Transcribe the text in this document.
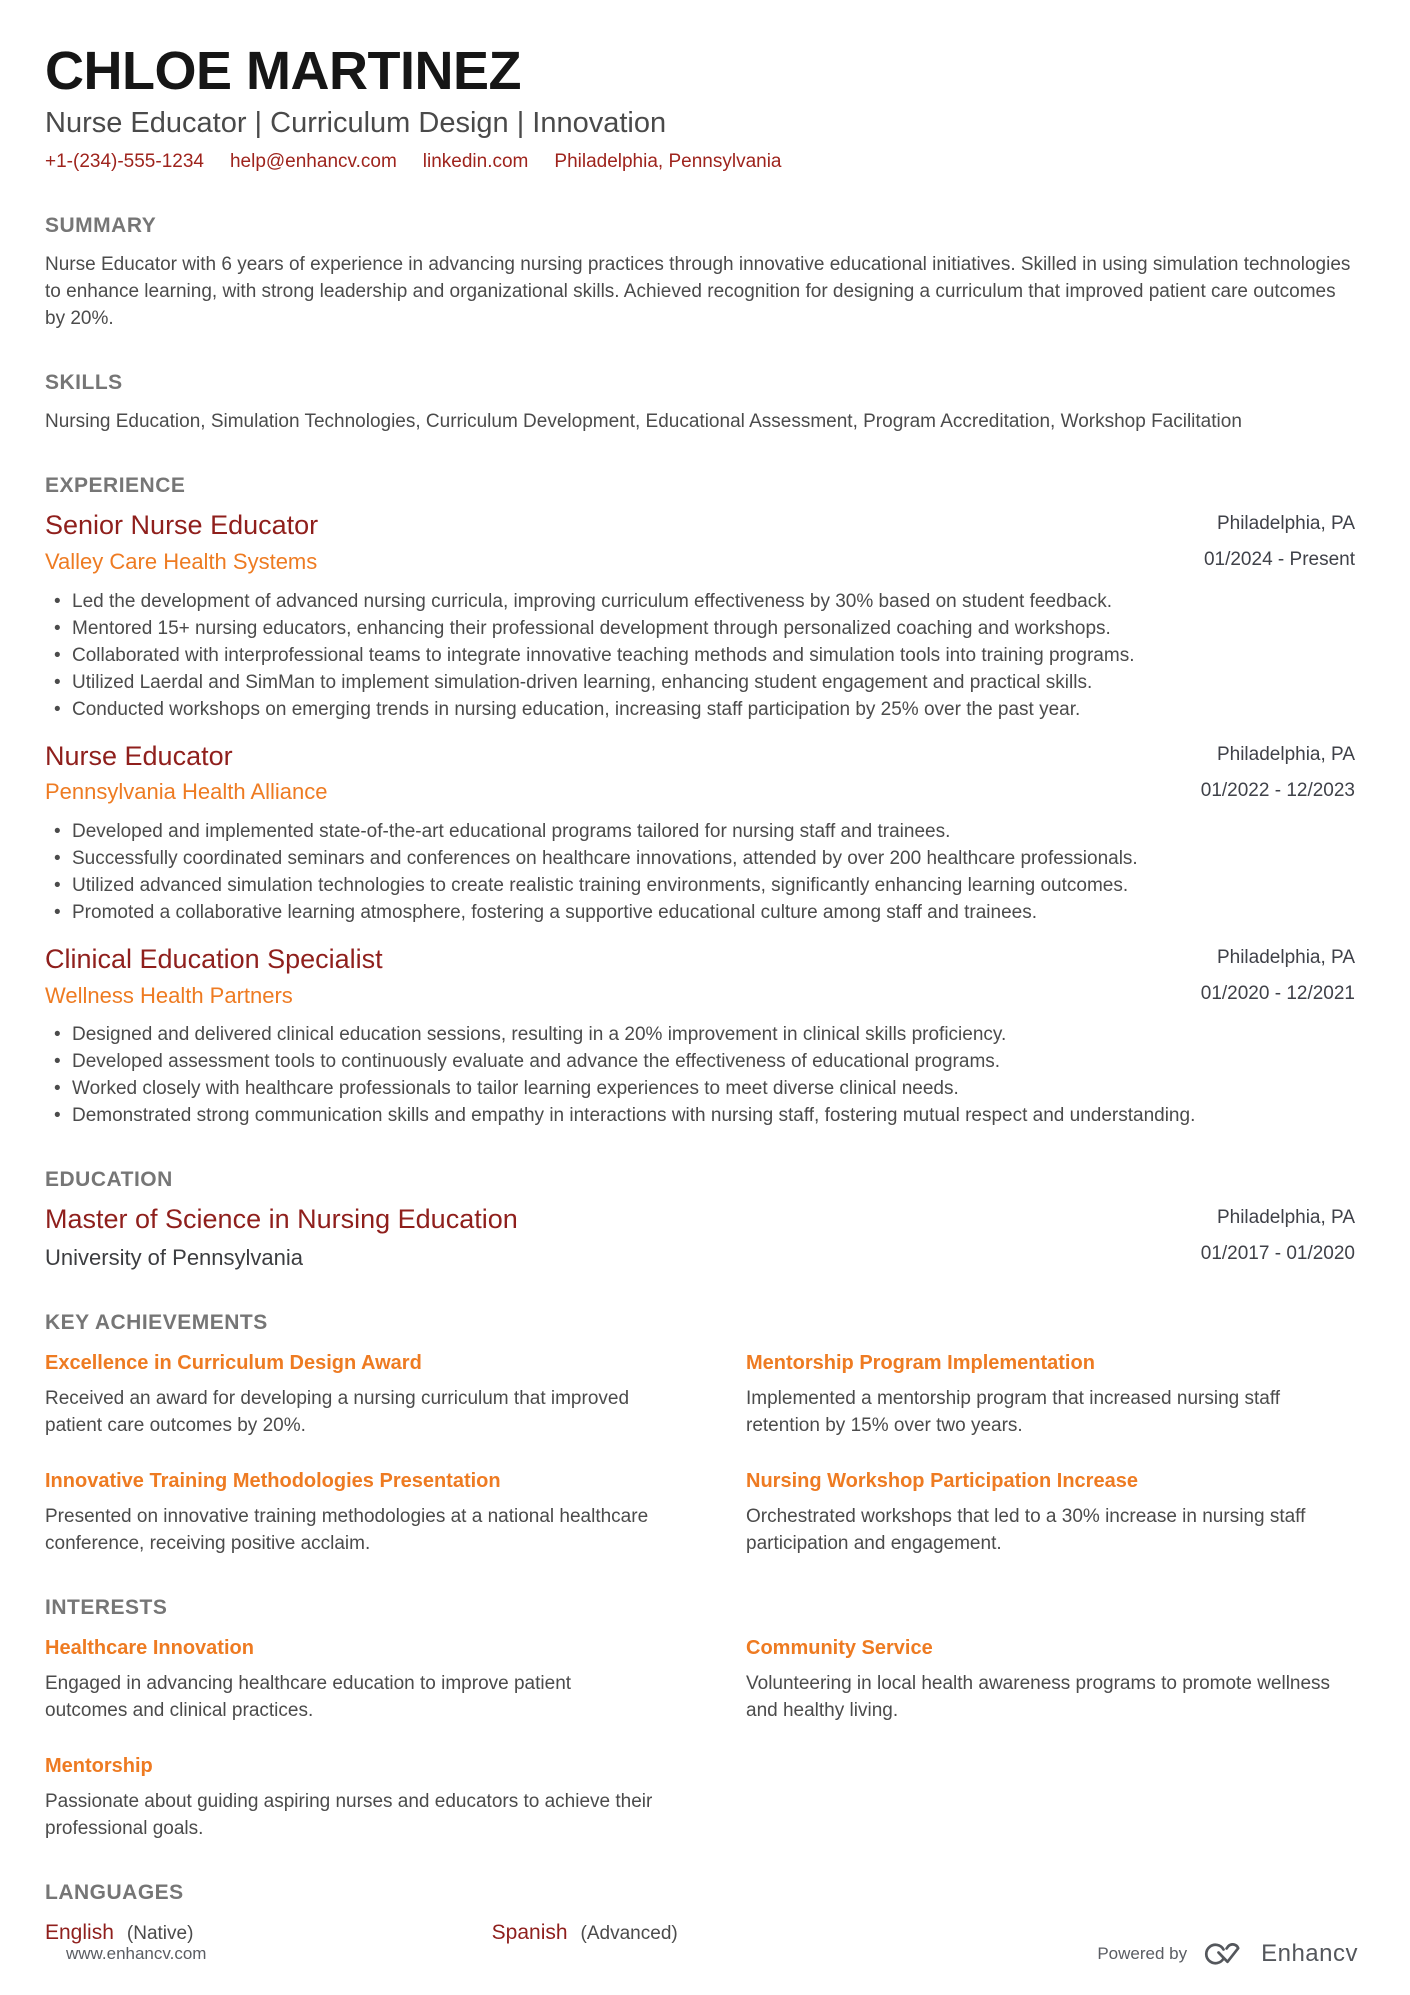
CHLOE MARTINEZ
Nurse Educator | Curriculum Design | Innovation
+1-(234)-555-1234 help@enhancv.com linkedin.com Philadelphia, Pennsylvania
SUMMARY
Nurse Educator with 6 years of experience in advancing nursing practices through innovative educational initiatives. Skilled in using simulation technologies to enhance learning, with strong leadership and organizational skills. Achieved recognition for designing a curriculum that improved patient care outcomes by 20%.
SKILLS
Nursing Education, Simulation Technologies, Curriculum Development, Educational Assessment, Program Accreditation, Workshop Facilitation
EXPERIENCE
Senior Nurse Educator
Valley Care Health Systems
Philadelphia, PA
01/2024 - Present
• Led the development of advanced nursing curricula, improving curriculum effectiveness by 30% based on student feedback.
• Mentored 15+ nursing educators, enhancing their professional development through personalized coaching and workshops.
• Collaborated with interprofessional teams to integrate innovative teaching methods and simulation tools into training programs.
• Utilized Laerdal and SimMan to implement simulation-driven learning, enhancing student engagement and practical skills.
• Conducted workshops on emerging trends in nursing education, increasing staff participation by 25% over the past year.
Nurse Educator
Pennsylvania Health Alliance
Philadelphia, PA
01/2022 - 12/2023
• Developed and implemented state-of-the-art educational programs tailored for nursing staff and trainees.
• Successfully coordinated seminars and conferences on healthcare innovations, attended by over 200 healthcare professionals.
• Utilized advanced simulation technologies to create realistic training environments, significantly enhancing learning outcomes.
• Promoted a collaborative learning atmosphere, fostering a supportive educational culture among staff and trainees.
Clinical Education Specialist
Wellness Health Partners
Philadelphia, PA
01/2020 - 12/2021
• Designed and delivered clinical education sessions, resulting in a 20% improvement in clinical skills proficiency.
• Developed assessment tools to continuously evaluate and advance the effectiveness of educational programs.
• Worked closely with healthcare professionals to tailor learning experiences to meet diverse clinical needs.
• Demonstrated strong communication skills and empathy in interactions with nursing staff, fostering mutual respect and understanding.
EDUCATION
Master of Science in Nursing Education
University of Pennsylvania
Philadelphia, PA
01/2017 - 01/2020
KEY ACHIEVEMENTS
Excellence in Curriculum Design Award
Received an award for developing a nursing curriculum that improved patient care outcomes by 20%.
Mentorship Program Implementation
Implemented a mentorship program that increased nursing staff retention by 15% over two years.
Innovative Training Methodologies Presentation
Presented on innovative training methodologies at a national healthcare conference, receiving positive acclaim.
Nursing Workshop Participation Increase
Orchestrated workshops that led to a 30% increase in nursing staff participation and engagement.
INTERESTS
Healthcare Innovation
Engaged in advancing healthcare education to improve patient outcomes and clinical practices.
Community Service
Volunteering in local health awareness programs to promote wellness and healthy living.
Mentorship
Passionate about guiding aspiring nurses and educators to achieve their professional goals.
LANGUAGES
English (Native)	Spanish (Advanced)
www.enhancv.com	Powered by	Enhancv
